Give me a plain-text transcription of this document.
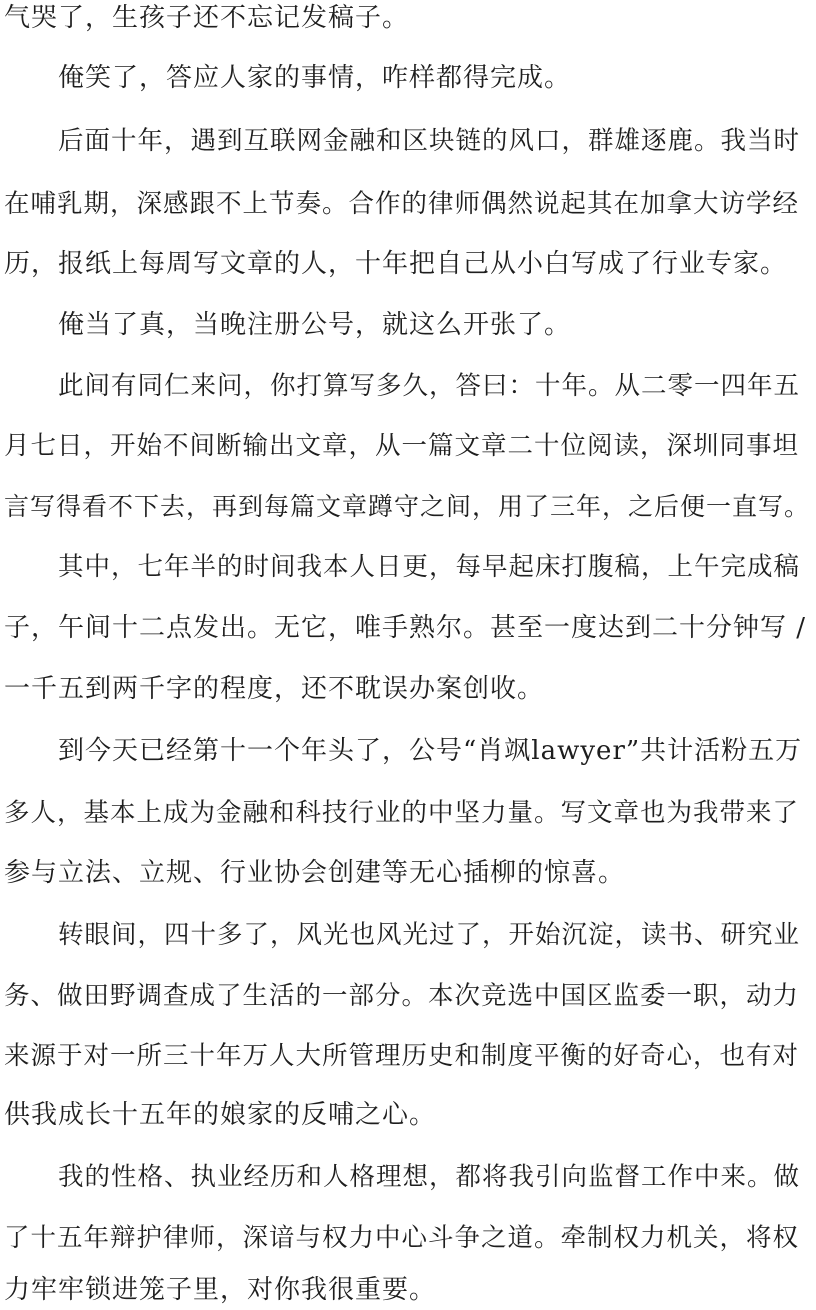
气哭了，生孩子还不忘记发稿子。
俺笑了，答应人家的事情，咋样都得完成。
后面十年，遇到互联网金融和区块链的风口，群雄逐鹿。我当时
在哺乳期，深感跟不上节奏。合作的律师偶然说起其在加拿大访学经
历，报纸上每周写文章的人，十年把自己从小白写成了行业专家。
俺当了真，当晚注册公号，就这么开张了。
此间有同仁来问，你打算写多久，答曰：十年。从二零一四年五
月七日，开始不间断输出文章，从一篇文章二十位阅读，深圳同事坦
言写得看不下去，再到每篇文章蹲守之间，用了三年，之后便一直写。
其中，七年半的时间我本人日更，每早起床打腹稿，上午完成稿
子，午间十二点发出。无它，唯手熟尔。甚至一度达到二十分钟写 /
一千五到两千字的程度，还不耽误办案创收。
到今天已经第十一个年头了，公号“肖飒lawyer”共计活粉五万
多人，基本上成为金融和科技行业的中坚力量。写文章也为我带来了
参与立法、立规、行业协会创建等无心插柳的惊喜。
转眼间，四十多了，风光也风光过了，开始沉淀，读书、研究业
务、做田野调查成了生活的一部分。本次竞选中国区监委一职，动力
来源于对一所三十年万人大所管理历史和制度平衡的好奇心，也有对
供我成长十五年的娘家的反哺之心。
我的性格、执业经历和人格理想，都将我引向监督工作中来。做
了十五年辩护律师，深谙与权力中心斗争之道。牵制权力机关，将权
力牢牢锁进笼子里，对你我很重要。
